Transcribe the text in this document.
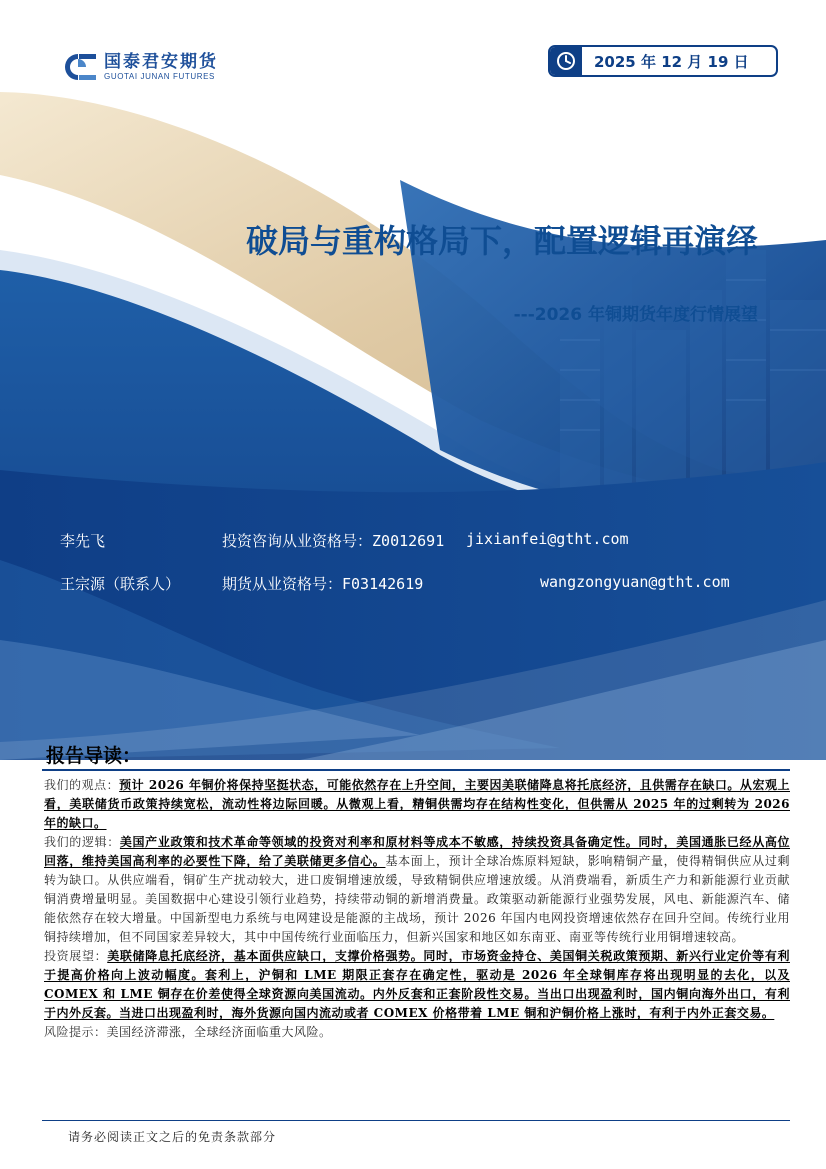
国泰君安期货
GUOTAI JUNAN FUTURES
2025 年 12 月 19 日
破局与重构格局下，配置逻辑再演绎
---2026 年铜期货年度行情展望
李先飞	投资咨询从业资格号：Z0012691 jixianfei@gtht.com
王宗源（联系人）	期货从业资格号：F03142619	wangzongyuan@gtht.com
报告导读：

我们的观点：预计 2026 年铜价将保持坚挺状态，可能依然存在上升空间，主要因美联储降息将托底经济，且供需存在缺口。从宏观上看，美联储货币政策持续宽松，流动性将边际回暖。从微观上看，精铜供需均存在结构性变化，但供需从 2025 年的过剩转为 2026 年的缺口。

我们的逻辑：美国产业政策和技术革命等领域的投资对利率和原材料等成本不敏感，持续投资具备确定性。同时，美国通胀已经从高位回落，维持美国高利率的必要性下降，给了美联储更多信心。基本面上，预计全球冶炼原料短缺，影响精铜产量，使得精铜供应从过剩转为缺口。从供应端看，铜矿生产扰动较大，进口废铜增速放缓，导致精铜供应增速放缓。从消费端看，新质生产力和新能源行业贡献铜消费增量明显。美国数据中心建设引领行业趋势，持续带动铜的新增消费量。政策驱动新能源行业强势发展，风电、新能源汽车、储能依然存在较大增量。中国新型电力系统与电网建设是能源的主战场，预计 2026 年国内电网投资增速依然存在回升空间。传统行业用铜持续增加，但不同国家差异较大，其中中国传统行业面临压力，但新兴国家和地区如东南亚、南亚等传统行业用铜增速较高。

投资展望：美联储降息托底经济，基本面供应缺口，支撑价格强势。同时，市场资金持仓、美国铜关税政策预期、新兴行业定价等有利于提高价格向上波动幅度。套利上，沪铜和 LME 期限正套存在确定性，驱动是 2026 年全球铜库存将出现明显的去化，以及 COMEX 和 LME 铜存在价差使得全球资源向美国流动。内外反套和正套阶段性交易。当出口出现盈利时，国内铜向海外出口，有利于内外反套。当进口出现盈利时，海外货源向国内流动或者 COMEX 价格带着 LME 铜和沪铜价格上涨时，有利于内外正套交易。

风险提示：美国经济滞涨，全球经济面临重大风险。

请务必阅读正文之后的免责条款部分
